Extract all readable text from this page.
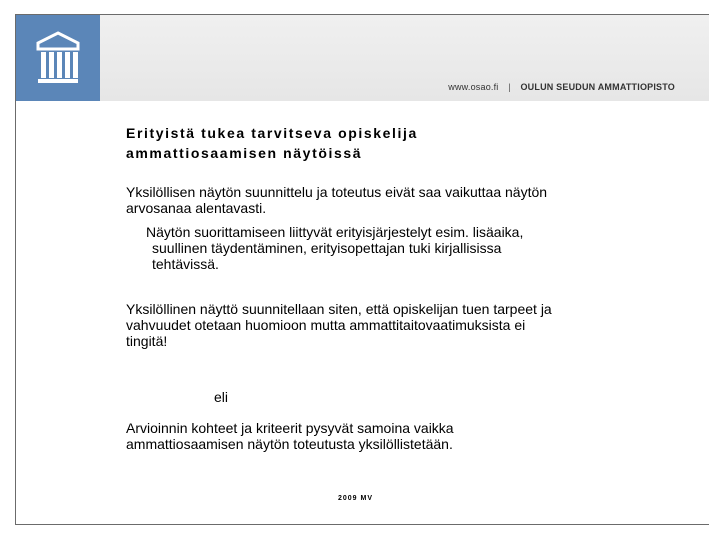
www.osao.fi | OULUN SEUDUN AMMATTIOPISTO
Erityistä tukea tarvitseva opiskelija
ammattiosaamisen näytöissä
Yksilöllisen näytön suunnittelu ja toteutus eivät saa vaikuttaa näytön
arvosanaa alentavasti.
Näytön suorittamiseen liittyvät erityisjärjestelyt esim. lisäaika,
suullinen täydentäminen, erityisopettajan tuki kirjallisissa
tehtävissä.
Yksilöllinen näyttö suunnitellaan siten, että opiskelijan tuen tarpeet ja
vahvuudet otetaan huomioon mutta ammattitaitovaatimuksista ei
tingitä!
eli
Arvioinnin kohteet ja kriteerit pysyvät samoina vaikka
ammattiosaamisen näytön toteutusta yksilöllistetään.
2009 MV
